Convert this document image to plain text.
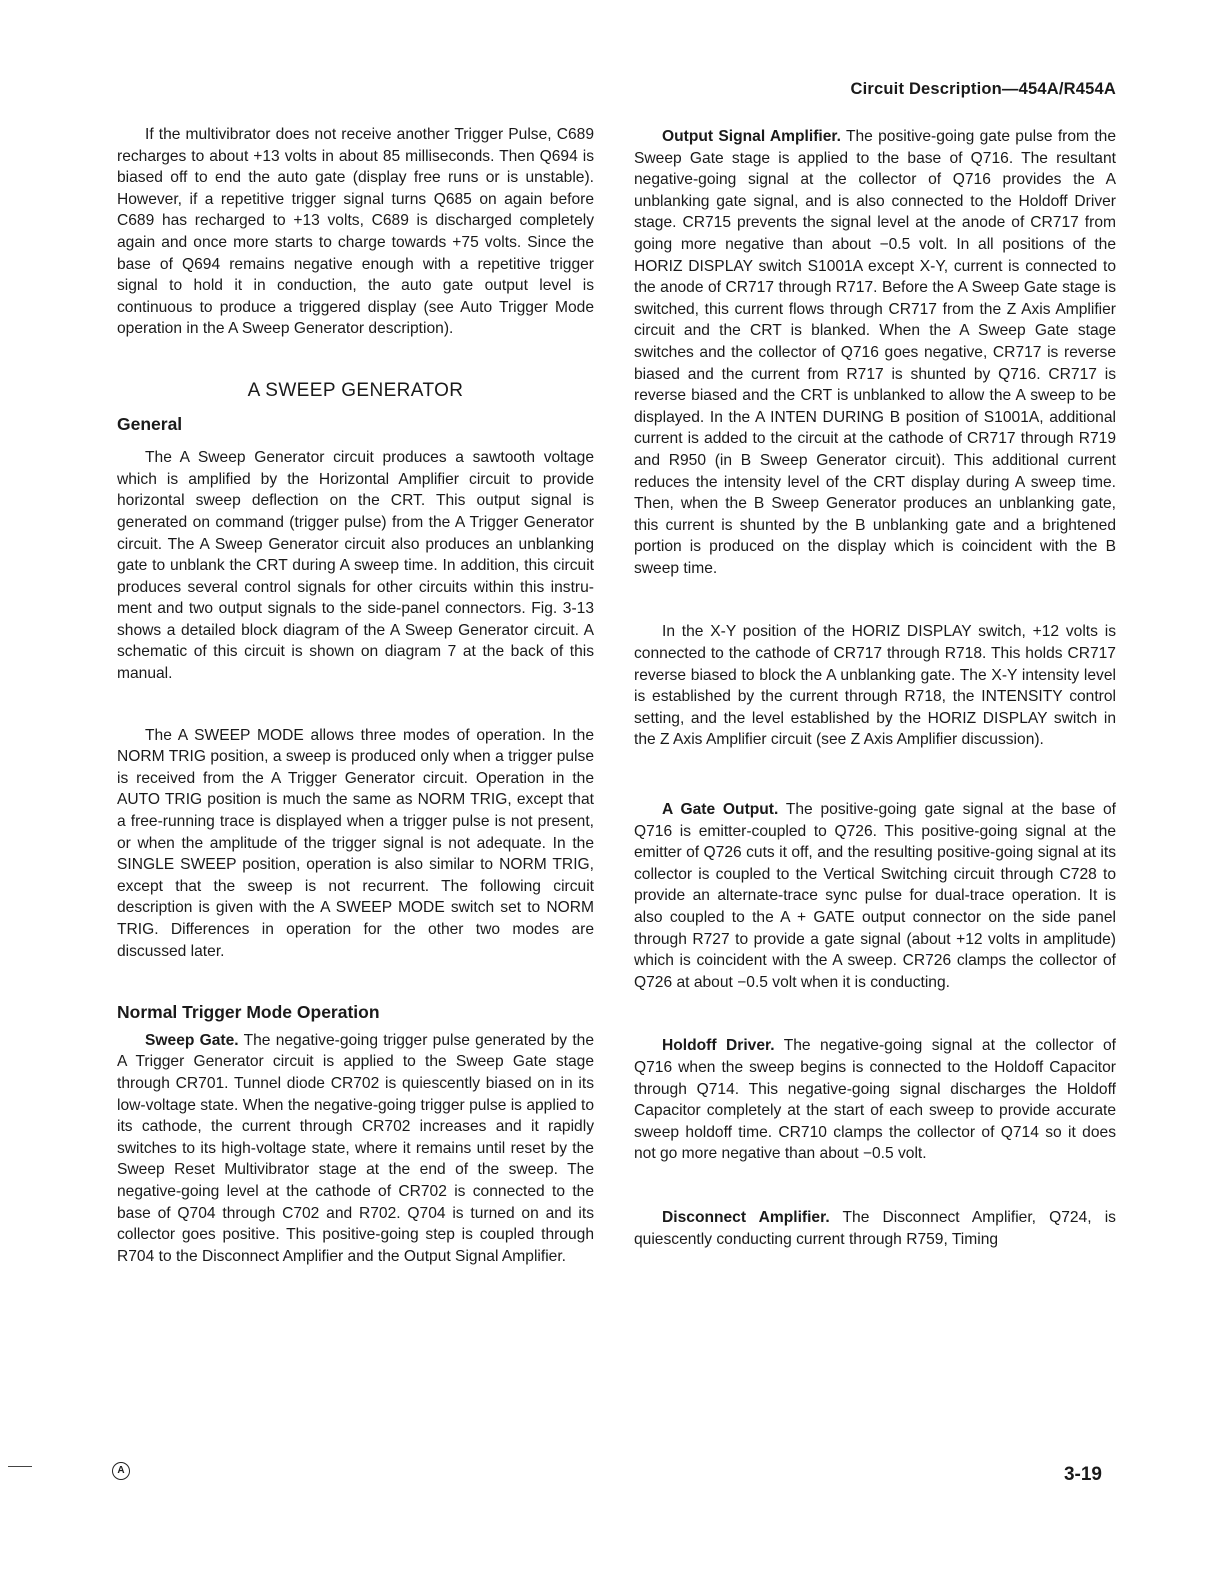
Circuit Description—454A/R454A

If the multivibrator does not receive another Trigger Pulse, C689 recharges to about +13 volts in about 85 milliseconds. Then Q694 is biased off to end the auto gate (display free runs or is unstable). However, if a repetitive trigger signal turns Q685 on again before C689 has recharged to +13 volts, C689 is discharged completely again and once more starts to charge towards +75 volts. Since the base of Q694 remains negative enough with a repetitive trigger signal to hold it in conduction, the auto gate output level is continuous to produce a triggered display (see Auto Trigger Mode operation in the A Sweep Generator description).

A SWEEP GENERATOR
General

The A Sweep Generator circuit produces a sawtooth voltage which is amplified by the Horizontal Amplifier circuit to provide horizontal sweep deflection on the CRT. This output signal is generated on command (trigger pulse) from the A Trigger Generator circuit. The A Sweep Generator circuit also produces an unblanking gate to unblank the CRT during A sweep time. In addition, this circuit produces several control signals for other circuits within this instrument and two output signals to the side-panel connectors. Fig. 3-13 shows a detailed block diagram of the A Sweep Generator circuit. A schematic of this circuit is shown on diagram 7 at the back of this manual.

The A SWEEP MODE allows three modes of operation. In the NORM TRIG position, a sweep is produced only when a trigger pulse is received from the A Trigger Generator circuit. Operation in the AUTO TRIG position is much the same as NORM TRIG, except that a free-running trace is displayed when a trigger pulse is not present, or when the amplitude of the trigger signal is not adequate. In the SINGLE SWEEP position, operation is also similar to NORM TRIG, except that the sweep is not recurrent. The following circuit description is given with the A SWEEP MODE switch set to NORM TRIG. Differences in operation for the other two modes are discussed later.

Normal Trigger Mode Operation

Sweep Gate. The negative-going trigger pulse generated by the A Trigger Generator circuit is applied to the Sweep Gate stage through CR701. Tunnel diode CR702 is quiescently biased on in its low-voltage state. When the negative-going trigger pulse is applied to its cathode, the current through CR702 increases and it rapidly switches to its high-voltage state, where it remains until reset by the Sweep Reset Multivibrator stage at the end of the sweep. The negative-going level at the cathode of CR702 is connected to the base of Q704 through C702 and R702. Q704 is turned on and its collector goes positive. This positive-going step is coupled through R704 to the Disconnect Amplifier and the Output Signal Amplifier.

Output Signal Amplifier. The positive-going gate pulse from the Sweep Gate stage is applied to the base of Q716. The resultant negative-going signal at the collector of Q716 provides the A unblanking gate signal, and is also connected to the Holdoff Driver stage. CR715 prevents the signal level at the anode of CR717 from going more negative than about −0.5 volt. In all positions of the HORIZ DISPLAY switch S1001A except X-Y, current is connected to the anode of CR717 through R717. Before the A Sweep Gate stage is switched, this current flows through CR717 from the Z Axis Amplifier circuit and the CRT is blanked. When the A Sweep Gate stage switches and the collector of Q716 goes negative, CR717 is reverse biased and the current from R717 is shunted by Q716. CR717 is reverse biased and the CRT is unblanked to allow the A sweep to be displayed. In the A INTEN DURING B position of S1001A, additional current is added to the circuit at the cathode of CR717 through R719 and R950 (in B Sweep Generator circuit). This additional current reduces the intensity level of the CRT display during A sweep time. Then, when the B Sweep Generator produces an unblanking gate, this current is shunted by the B unblanking gate and a brightened portion is produced on the display which is coincident with the B sweep time.

In the X-Y position of the HORIZ DISPLAY switch, +12 volts is connected to the cathode of CR717 through R718. This holds CR717 reverse biased to block the A unblanking gate. The X-Y intensity level is established by the current through R718, the INTENSITY control setting, and the level established by the HORIZ DISPLAY switch in the Z Axis Amplifier circuit (see Z Axis Amplifier discussion).

A Gate Output. The positive-going gate signal at the base of Q716 is emitter-coupled to Q726. This positive-going signal at the emitter of Q726 cuts it off, and the resulting positive-going signal at its collector is coupled to the Vertical Switching circuit through C728 to provide an alternate-trace sync pulse for dual-trace operation. It is also coupled to the A + GATE output connector on the side panel through R727 to provide a gate signal (about +12 volts in amplitude) which is coincident with the A sweep. CR726 clamps the collector of Q726 at about −0.5 volt when it is conducting.

Holdoff Driver. The negative-going signal at the collector of Q716 when the sweep begins is connected to the Holdoff Capacitor through Q714. This negative-going signal discharges the Holdoff Capacitor completely at the start of each sweep to provide accurate sweep holdoff time. CR710 clamps the collector of Q714 so it does not go more negative than about −0.5 volt.

Disconnect Amplifier. The Disconnect Amplifier, Q724, is quiescently conducting current through R759, Timing

A	3-19
